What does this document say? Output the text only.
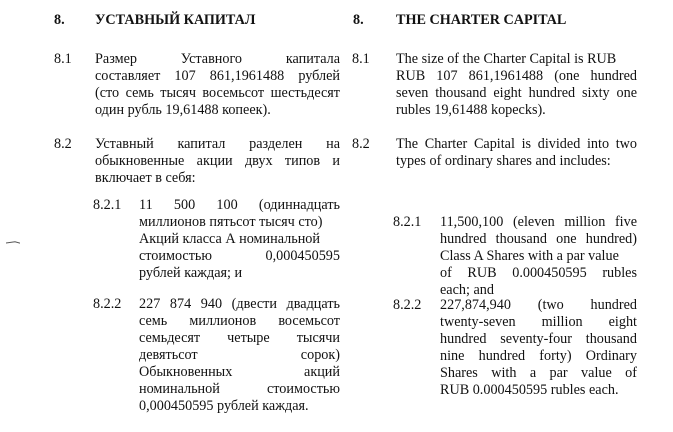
8. УСТАВНЫЙ КАПИТАЛ
8.1 Размер Уставного капитала
составляет 107 861,1961488 рублей
(сто семь тысяч восемьсот шестьдесят
один рубль 19,61488 копеек).
8.2 Уставный капитал разделен на
обыкновенные акции двух типов и
включает в себя:
8.2.1 11 500 100 (одиннадцать
миллионов пятьсот тысяч сто)
Акций класса А номинальной
стоимостью 0,000450595
рублей каждая; и
8.2.2 227 874 940 (двести двадцать
семь миллионов восемьсот
семьдесят четыре тысячи
девятьсот сорок)
Обыкновенных акций
номинальной стоимостью
0,000450595 рублей каждая.
8. THE CHARTER CAPITAL
8.1 The size of the Charter Capital is RUB
RUB 107 861,1961488 (one hundred
seven thousand eight hundred sixty one
rubles 19,61488 kopecks).
8.2 The Charter Capital is divided into two
types of ordinary shares and includes:
8.2.1 11,500,100 (eleven million five
hundred thousand one hundred)
Class A Shares with a par value
of RUB 0.000450595 rubles
each; and
8.2.2 227,874,940 (two hundred
twenty-seven million eight
hundred seventy-four thousand
nine hundred forty) Ordinary
Shares with a par value of
RUB 0.000450595 rubles each.
